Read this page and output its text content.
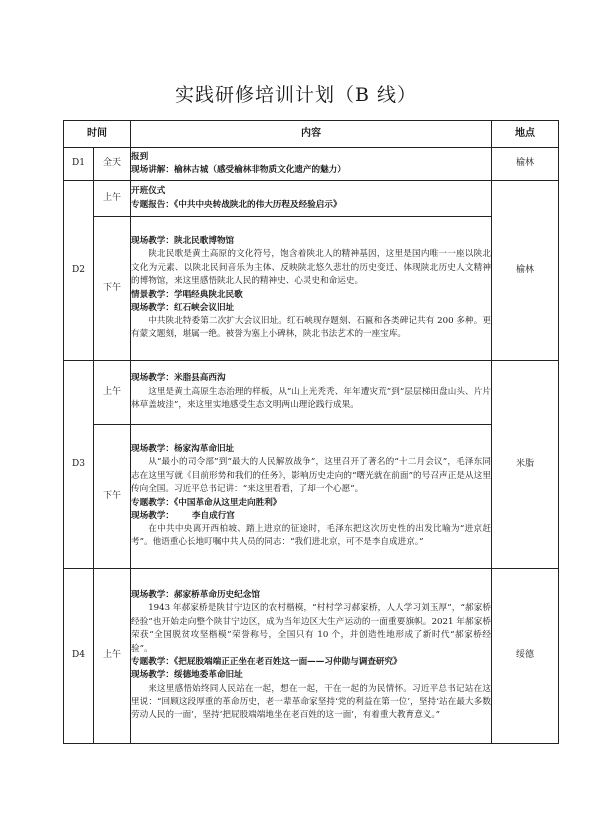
实践研修培训计划（B 线）
时间		内容	地点
D1	全天	报到
现场讲解：榆林古城（感受榆林非物质文化遗产的魅力）	榆林
D2	上午	开班仪式
专题报告：《中共中央转战陕北的伟大历程及经验启示》	榆林
	下午	现场教学：陕北民歌博物馆
陕北民歌是黄土高原的文化符号，饱含着陕北人的精神基因，这里是国内唯一一座以陕北文化为元素、以陕北民间音乐为主体、反映陕北悠久悲壮的历史变迁、体现陕北历史人文精神的博物馆，来这里感悟陕北人民的精神史、心灵史和命运史。
情景教学：学唱经典陕北民歌
现场教学：红石峡会议旧址
中共陕北特委第二次扩大会议旧址。红石峡现存题刻、石匾和各类碑记共有 200 多种。更有蒙文题刻，堪属一绝。被誉为塞上小碑林，陕北书法艺术的一座宝库。	

D3	上午	现场教学：米脂县高西沟
这里是黄土高原生态治理的样板，从“山上光秃秃、年年遭灾荒”到“层层梯田盘山头、片片林草盖坡洼”，来这里实地感受生态文明两山理论践行成果。	米脂
	下午	现场教学：杨家沟革命旧址
从“最小的司令部”到“最大的人民解放战争”，这里召开了著名的“十二月会议”，毛泽东同志在这里写就《目前形势和我们的任务》，影响历史走向的“曙光就在前面”的号召声正是从这里传向全国。习近平总书记讲：“来这里看看，了却一个心愿”。
专题教学：《中国革命从这里走向胜利》
现场教学：      李自成行宫
在中共中央离开西柏坡、踏上进京的征途时，毛泽东把这次历史性的出发比喻为“进京赶考”。他语重心长地叮嘱中共人员的同志：“我们进北京，可不是李自成进京。”	

D4	上午	现场教学：郝家桥革命历史纪念馆
1943 年郝家桥是陕甘宁边区的农村楷模，“村村学习郝家桥，人人学习刘玉厚”，“郝家桥经验”也开始走向整个陕甘宁边区，成为当年边区大生产运动的一面重要旗帜。2021 年郝家桥荣获“全国脱贫攻坚楷模”荣誉称号，全国只有 10 个，并创造性地形成了新时代“郝家桥经验”。
专题教学：《把屁股端端正正坐在老百姓这一面——习仲勋与调查研究》
现场教学：绥德地委革命旧址
来这里感悟始终同人民站在一起，想在一起，干在一起的为民情怀。习近平总书记站在这里说：“回顾这段厚重的革命历史，老一辈革命家坚持‘党的利益在第一位’，坚持‘站在最大多数劳动人民的一面’，坚持‘把屁股端端地坐在老百姓的这一面’，有着重大教育意义。”	绥德
